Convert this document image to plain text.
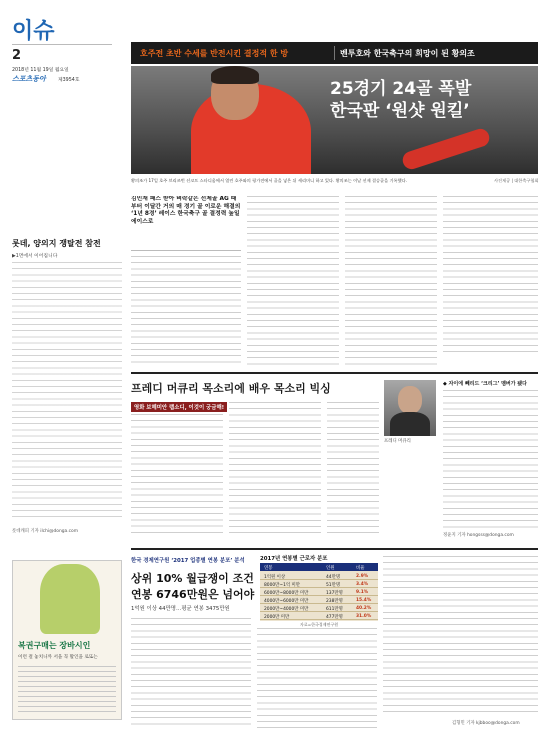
이슈
2
2018년 11월 19일 월요일
스포츠동아	제3954호
호주전 초반 수세를 반전시킨 결정적 한 방	벤투호와 한국축구의 희망이 된 황의조
25경기 24골 폭발
한국판 ‘원샷 원킬’
황의조가 17일 호주 브리즈번 선코프 스타디움에서 열린 호주와의 평가전에서 골을 넣은 뒤 세리머니 하고 있다. 황의조는 이날 선제 결승골을 기록했다.	사진제공 | 대한축구협회
김민재 패스 받아 벼락같은 선제골 AG 때부터 이달간 거의 매 경기 골 이로운 해결의 ‘1년 8경’ 레이스 한국축구 골 결정력 높일 에이스로
롯데, 양의지 쟁탈전 참전
▶1면에서 이어집니다
롯데캐피 기자 ilchi@donga.com
복권구매는 장바시인
이런 걸 놓치니까 서을 꼭 활인을 로또는
프레디 머큐리 목소리에 배우 목소리 빅싱
영화 보헤미안 랩소디, 이것이 궁금해!
프레디 머큐리
◆ 자이에 빼리드 ‘크리그’ 멤버가 됐다
정윤지 기자 hongsss@donga.com
한국 경제연구원 ‘2017 업종별 연봉 분포’ 분석
상위 10% 월급쟁이 조건
연봉 6746만원은 넘어야
1억원 이상 44만명…평균 연봉 3475만원
김형민 기자 kjbboo@donga.com
2017년 연봉별 근로자 분포
연봉	인원	비율
1억원 이상	44만명	2.9%
8000만~1억 미만	51만명	3.4%
6000만~8000만 미만	137만명	9.1%
4000만~6000만 미만	238만명	15.4%
2000만~4000만 미만	611만명	40.2%
2000만 미만	477만명	31.0%
자료=한국경제연구원
